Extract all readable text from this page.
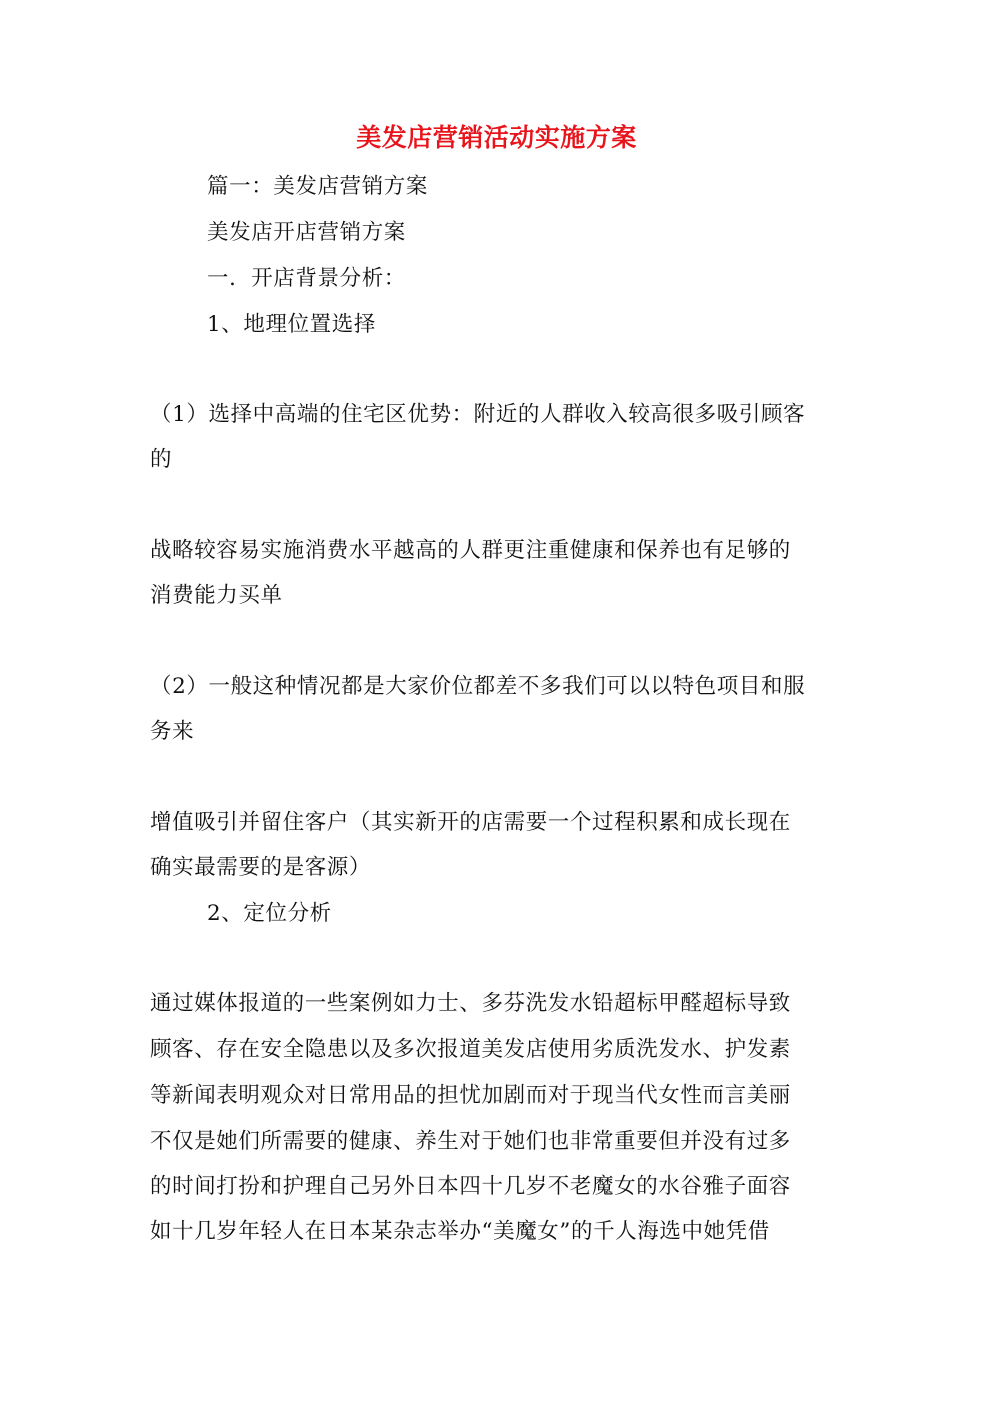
美发店营销活动实施方案
篇一：美发店营销方案
美发店开店营销方案
一．开店背景分析：
1、地理位置选择
（1）选择中高端的住宅区优势：附近的人群收入较高很多吸引顾客
的
战略较容易实施消费水平越高的人群更注重健康和保养也有足够的
消费能力买单
（2）一般这种情况都是大家价位都差不多我们可以以特色项目和服
务来
增值吸引并留住客户（其实新开的店需要一个过程积累和成长现在
确实最需要的是客源）
2、定位分析
通过媒体报道的一些案例如力士、多芬洗发水铅超标甲醛超标导致
顾客、存在安全隐患以及多次报道美发店使用劣质洗发水、护发素
等新闻表明观众对日常用品的担忧加剧而对于现当代女性而言美丽
不仅是她们所需要的健康、养生对于她们也非常重要但并没有过多
的时间打扮和护理自己另外日本四十几岁不老魔女的水谷雅子面容
如十几岁年轻人在日本某杂志举办“美魔女”的千人海选中她凭借
